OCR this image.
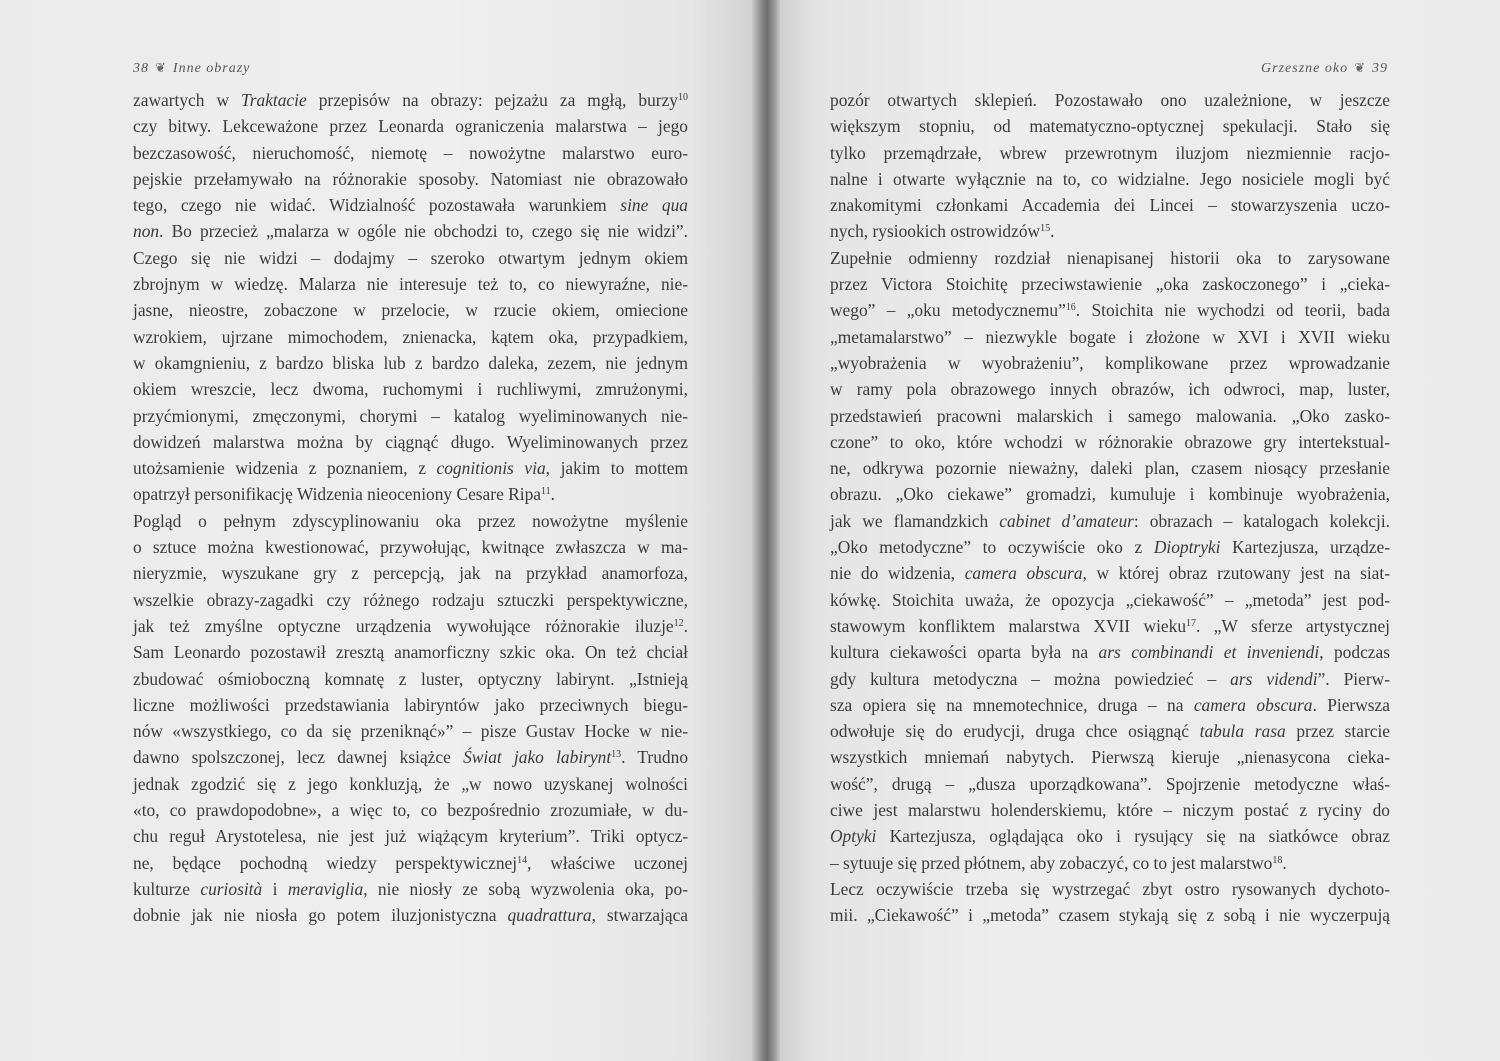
38 ❦ Inne obrazy
zawartych w Traktacie przepisów na obrazy: pejzażu za mgłą, burzy$^{10}$
czy bitwy. Lekceważone przez Leonarda ograniczenia malarstwa – jego
bezczasowość, nieruchomość, niemotę – nowożytne malarstwo euro-
pejskie przełamywało na różnorakie sposoby. Natomiast nie obrazowało
tego, czego nie widać. Widzialność pozostawała warunkiem sine qua
non. Bo przecież „malarza w ogóle nie obchodzi to, czego się nie widzi”.
Czego się nie widzi – dodajmy – szeroko otwartym jednym okiem
zbrojnym w wiedzę. Malarza nie interesuje też to, co niewyraźne, nie-
jasne, nieostre, zobaczone w przelocie, w rzucie okiem, omiecione
wzrokiem, ujrzane mimochodem, znienacka, kątem oka, przypadkiem,
w okamgnieniu, z bardzo bliska lub z bardzo daleka, zezem, nie jednym
okiem wreszcie, lecz dwoma, ruchomymi i ruchliwymi, zmrużonymi,
przyćmionymi, zmęczonymi, chorymi – katalog wyeliminowanych nie-
dowidzeń malarstwa można by ciągnąć długo. Wyeliminowanych przez
utożsamienie widzenia z poznaniem, z cognitionis via, jakim to mottem
opatrzył personifikację Widzenia nieoceniony Cesare Ripa$^{11}$.
Pogląd o pełnym zdyscyplinowaniu oka przez nowożytne myślenie
o sztuce można kwestionować, przywołując, kwitnące zwłaszcza w ma-
nieryzmie, wyszukane gry z percepcją, jak na przykład anamorfoza,
wszelkie obrazy-zagadki czy różnego rodzaju sztuczki perspektywiczne,
jak też zmyślne optyczne urządzenia wywołujące różnorakie iluzje$^{12}$.
Sam Leonardo pozostawił zresztą anamorficzny szkic oka. On też chciał
zbudować ośmioboczną komnatę z luster, optyczny labirynt. „Istnieją
liczne możliwości przedstawiania labiryntów jako przeciwnych biegu-
nów «wszystkiego, co da się przeniknąć»” – pisze Gustav Hocke w nie-
dawno spolszczonej, lecz dawnej książce Świat jako labirynt$^{13}$. Trudno
jednak zgodzić się z jego konkluzją, że „w nowo uzyskanej wolności
«to, co prawdopodobne», a więc to, co bezpośrednio zrozumiałe, w du-
chu reguł Arystotelesa, nie jest już wiążącym kryterium”. Triki optycz-
ne, będące pochodną wiedzy perspektywicznej$^{14}$, właściwe uczonej
kulturze curiosità i meraviglia, nie niosły ze sobą wyzwolenia oka, po-
dobnie jak nie niosła go potem iluzjonistyczna quadrattura, stwarzająca
Grzeszne oko ❦ 39
pozór otwartych sklepień. Pozostawało ono uzależnione, w jeszcze
większym stopniu, od matematyczno-optycznej spekulacji. Stało się
tylko przemądrzałe, wbrew przewrotnym iluzjom niezmiennie racjo-
nalne i otwarte wyłącznie na to, co widzialne. Jego nosiciele mogli być
znakomitymi członkami Accademia dei Lincei – stowarzyszenia uczo-
nych, rysiookich ostrowidzów$^{15}$.
Zupełnie odmienny rozdział nienapisanej historii oka to zarysowane
przez Victora Stoichitę przeciwstawienie „oka zaskoczonego” i „cieka-
wego” – „oku metodycznemu”$^{16}$. Stoichita nie wychodzi od teorii, bada
„metamalarstwo” – niezwykle bogate i złożone w XVI i XVII wieku
„wyobrażenia w wyobrażeniu”, komplikowane przez wprowadzanie
w ramy pola obrazowego innych obrazów, ich odwroci, map, luster,
przedstawień pracowni malarskich i samego malowania. „Oko zasko-
czone” to oko, które wchodzi w różnorakie obrazowe gry intertekstual-
ne, odkrywa pozornie nieważny, daleki plan, czasem niosący przesłanie
obrazu. „Oko ciekawe” gromadzi, kumuluje i kombinuje wyobrażenia,
jak we flamandzkich cabinet d’amateur: obrazach – katalogach kolekcji.
„Oko metodyczne” to oczywiście oko z Dioptryki Kartezjusza, urządze-
nie do widzenia, camera obscura, w której obraz rzutowany jest na siat-
kówkę. Stoichita uważa, że opozycja „ciekawość” – „metoda” jest pod-
stawowym konfliktem malarstwa XVII wieku$^{17}$. „W sferze artystycznej
kultura ciekawości oparta była na ars combinandi et inveniendi, podczas
gdy kultura metodyczna – można powiedzieć – ars videndi”. Pierw-
sza opiera się na mnemotechnice, druga – na camera obscura. Pierwsza
odwołuje się do erudycji, druga chce osiągnąć tabula rasa przez starcie
wszystkich mniemań nabytych. Pierwszą kieruje „nienasycona cieka-
wość”, drugą – „dusza uporządkowana”. Spojrzenie metodyczne właś-
ciwe jest malarstwu holenderskiemu, które – niczym postać z ryciny do
Optyki Kartezjusza, oglądająca oko i rysujący się na siatkówce obraz
– sytuuje się przed płótnem, aby zobaczyć, co to jest malarstwo$^{18}$.
Lecz oczywiście trzeba się wystrzegać zbyt ostro rysowanych dychoto-
mii. „Ciekawość” i „metoda” czasem stykają się z sobą i nie wyczerpują
